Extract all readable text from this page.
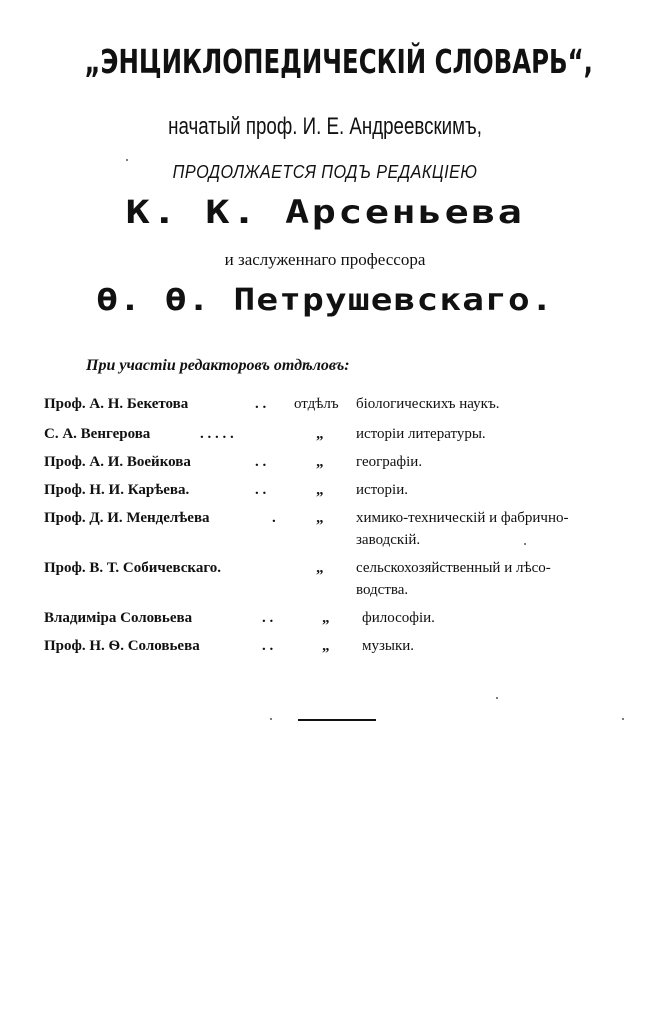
„ЭНЦИКЛОПЕДИЧЕСКІЙ СЛОВАРЬ“,
начатый проф. И. Е. Андреевскимъ,
ПРОДОЛЖАЕТСЯ ПОДЪ РЕДАКЦІЕЮ
К. К. Арсеньева
и заслуженнаго профессора
Ѳ. Ѳ. Петрушевскаго.
При участіи редакторовъ отдѣловъ:
Проф. А. Н. Бекетова	. . отдѣлъ біологическихъ наукъ.
С. А. Венгерова	. . . . .	„ исторіи литературы.
Проф. А. И. Воейкова	. .	„ географіи.
Проф. Н. И. Карѣева.	. .	„ исторіи.
Проф. Д. И. Менделѣева	.	„ химико-техническій и фабрично-
заводскій.
Проф. В. Т. Собичевскаго.	„ сельскохозяйственный и лѣсо-
водства.
Владиміра Соловьева	. .	„ философіи.
Проф. Н. Ѳ. Соловьева	. .	„ музыки.
